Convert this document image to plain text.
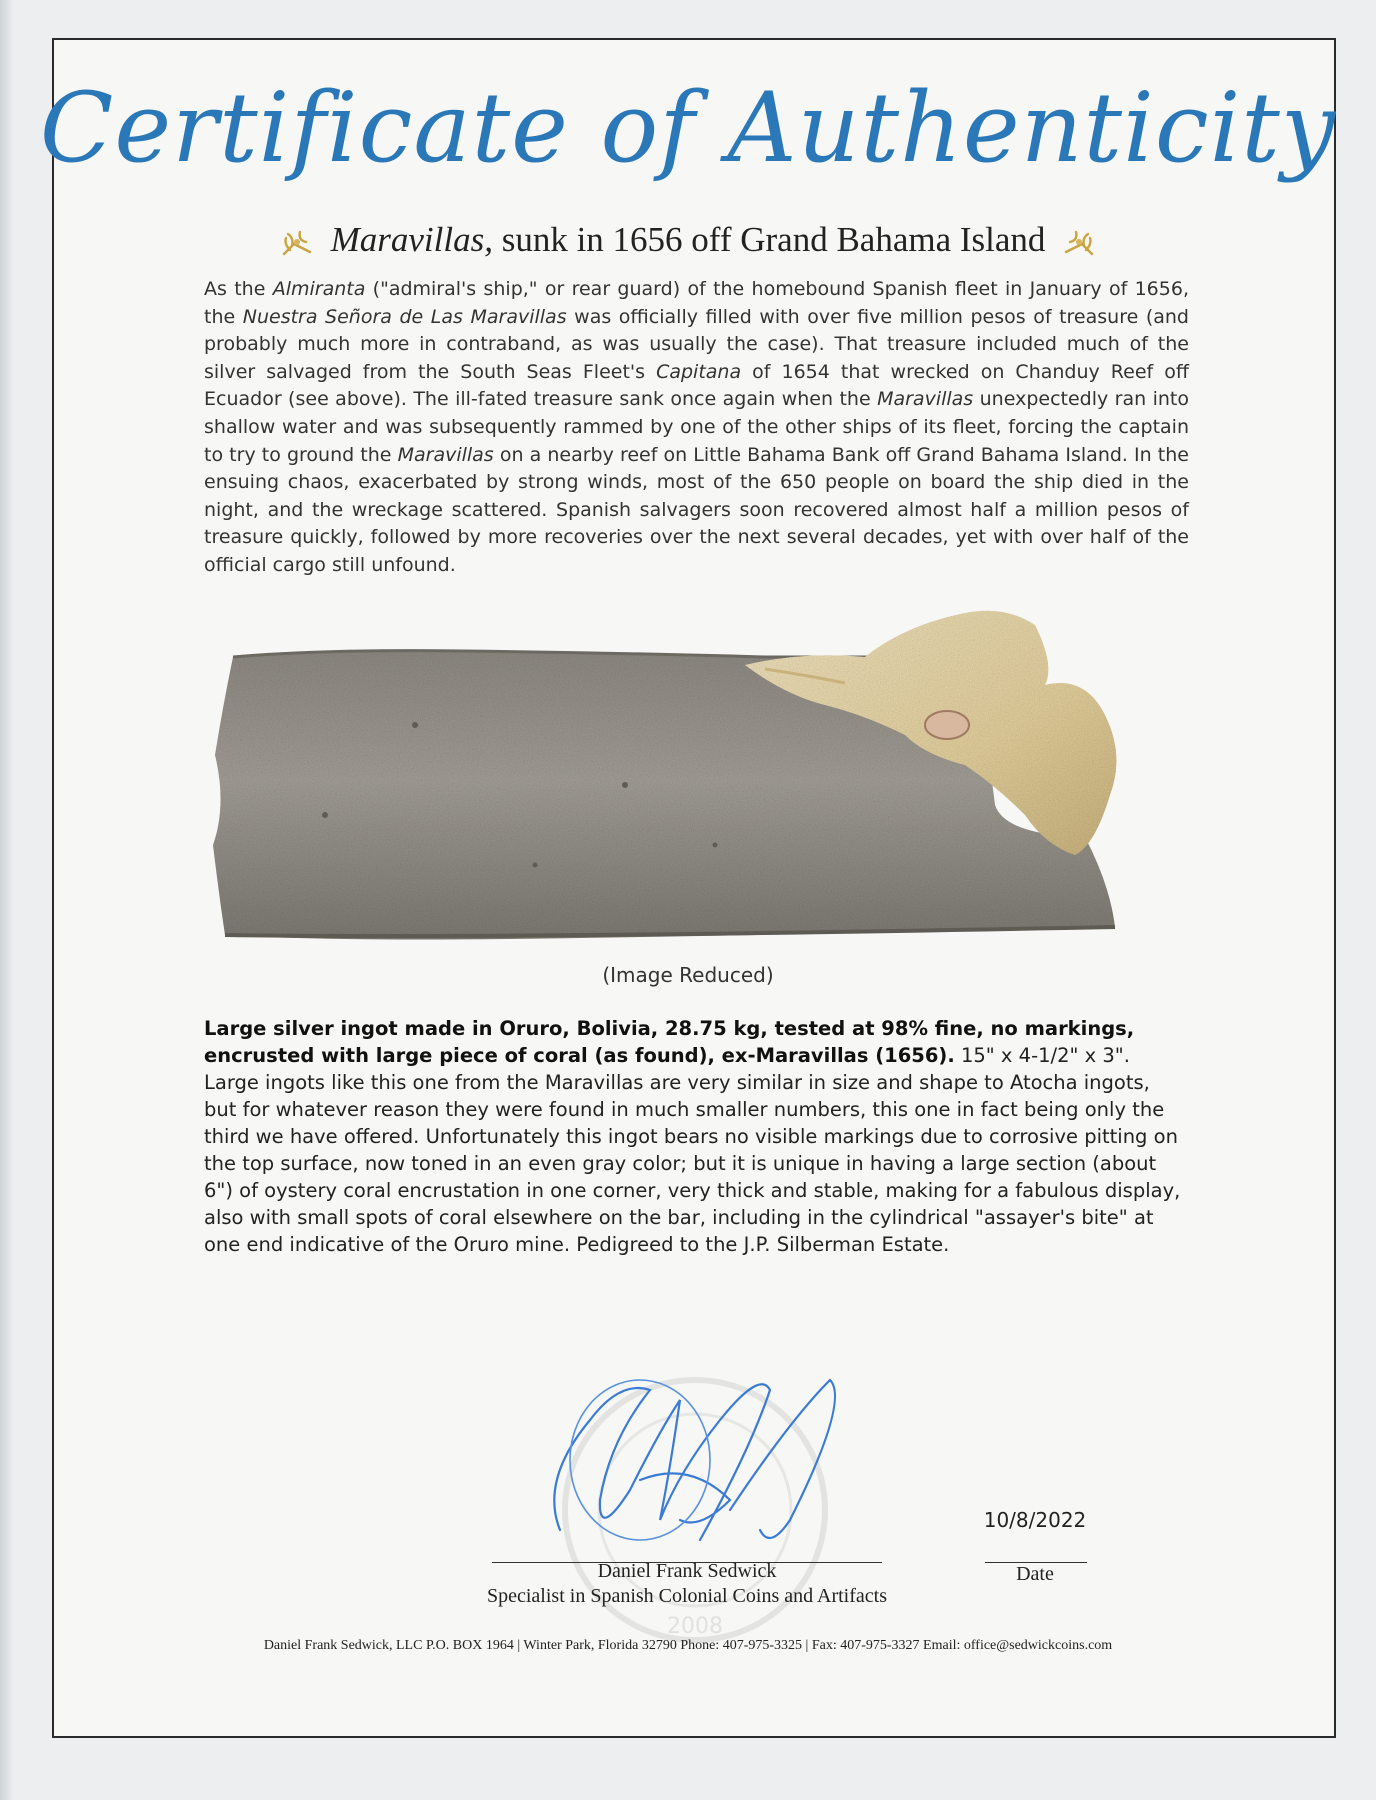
Certificate of Authenticity
Maravillas, sunk in 1656 off Grand Bahama Island
As the Almiranta ("admiral's ship," or rear guard) of the homebound Spanish fleet in January of 1656, the Nuestra Señora de Las Maravillas was officially filled with over five million pesos of treasure (and probably much more in contraband, as was usually the case). That treasure included much of the silver salvaged from the South Seas Fleet's Capitana of 1654 that wrecked on Chanduy Reef off Ecuador (see above). The ill-fated treasure sank once again when the Maravillas unexpectedly ran into shallow water and was subsequently rammed by one of the other ships of its fleet, forcing the captain to try to ground the Maravillas on a nearby reef on Little Bahama Bank off Grand Bahama Island. In the ensuing chaos, exacerbated by strong winds, most of the 650 people on board the ship died in the night, and the wreckage scattered. Spanish salvagers soon recovered almost half a million pesos of treasure quickly, followed by more recoveries over the next several decades, yet with over half of the official cargo still unfound.
(Image Reduced)
Large silver ingot made in Oruro, Bolivia, 28.75 kg, tested at 98% fine, no markings, encrusted with large piece of coral (as found), ex-Maravillas (1656). 15" x 4-1/2" x 3". Large ingots like this one from the Maravillas are very similar in size and shape to Atocha ingots, but for whatever reason they were found in much smaller numbers, this one in fact being only the third we have offered. Unfortunately this ingot bears no visible markings due to corrosive pitting on the top surface, now toned in an even gray color; but it is unique in having a large section (about 6") of oystery coral encrustation in one corner, very thick and stable, making for a fabulous display, also with small spots of coral elsewhere on the bar, including in the cylindrical "assayer's bite" at one end indicative of the Oruro mine. Pedigreed to the J.P. Silberman Estate.
2008
Daniel Frank Sedwick
Specialist in Spanish Colonial Coins and Artifacts
10/8/2022
Date
Daniel Frank Sedwick, LLC P.O. BOX 1964 | Winter Park, Florida 32790 Phone: 407-975-3325 | Fax: 407-975-3327 Email: office@sedwickcoins.com
